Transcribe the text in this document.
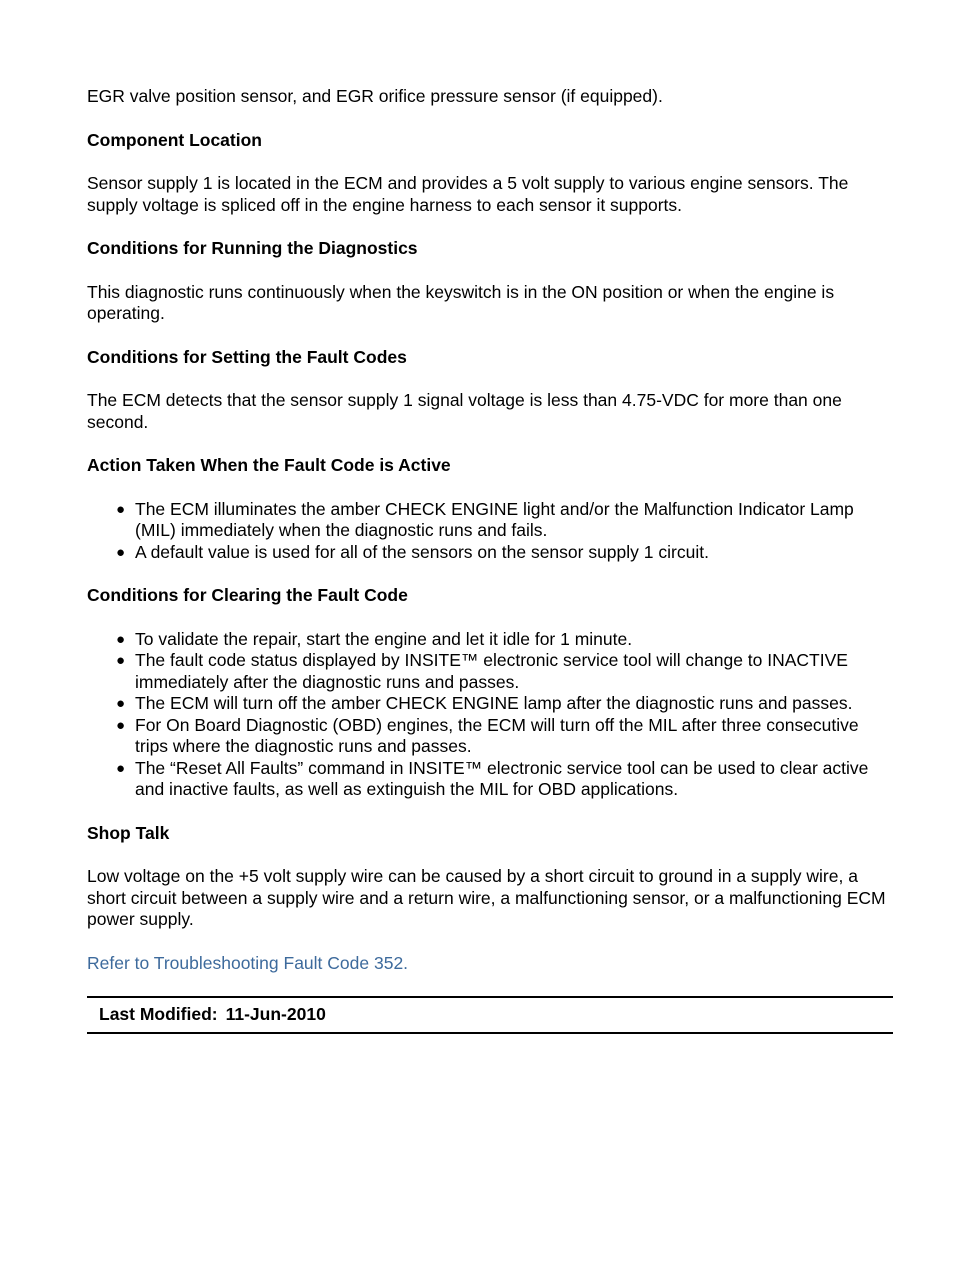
EGR valve position sensor, and EGR orifice pressure sensor (if equipped).

Component Location

Sensor supply 1 is located in the ECM and provides a 5 volt supply to various engine sensors. The supply voltage is spliced off in the engine harness to each sensor it supports.

Conditions for Running the Diagnostics

This diagnostic runs continuously when the keyswitch is in the ON position or when the engine is operating.

Conditions for Setting the Fault Codes

The ECM detects that the sensor supply 1 signal voltage is less than 4.75-VDC for more than one second.

Action Taken When the Fault Code is Active
● The ECM illuminates the amber CHECK ENGINE light and/or the Malfunction Indicator Lamp (MIL) immediately when the diagnostic runs and fails.
● A default value is used for all of the sensors on the sensor supply 1 circuit.
Conditions for Clearing the Fault Code
● To validate the repair, start the engine and let it idle for 1 minute.
● The fault code status displayed by INSITE™ electronic service tool will change to INACTIVE immediately after the diagnostic runs and passes.
● The ECM will turn off the amber CHECK ENGINE lamp after the diagnostic runs and passes.
● For On Board Diagnostic (OBD) engines, the ECM will turn off the MIL after three consecutive trips where the diagnostic runs and passes.
● The “Reset All Faults” command in INSITE™ electronic service tool can be used to clear active and inactive faults, as well as extinguish the MIL for OBD applications.
Shop Talk

Low voltage on the +5 volt supply wire can be caused by a short circuit to ground in a supply wire, a short circuit between a supply wire and a return wire, a malfunctioning sensor, or a malfunctioning ECM power supply.

Refer to Troubleshooting Fault Code 352.
Last Modified: 11-Jun-2010
